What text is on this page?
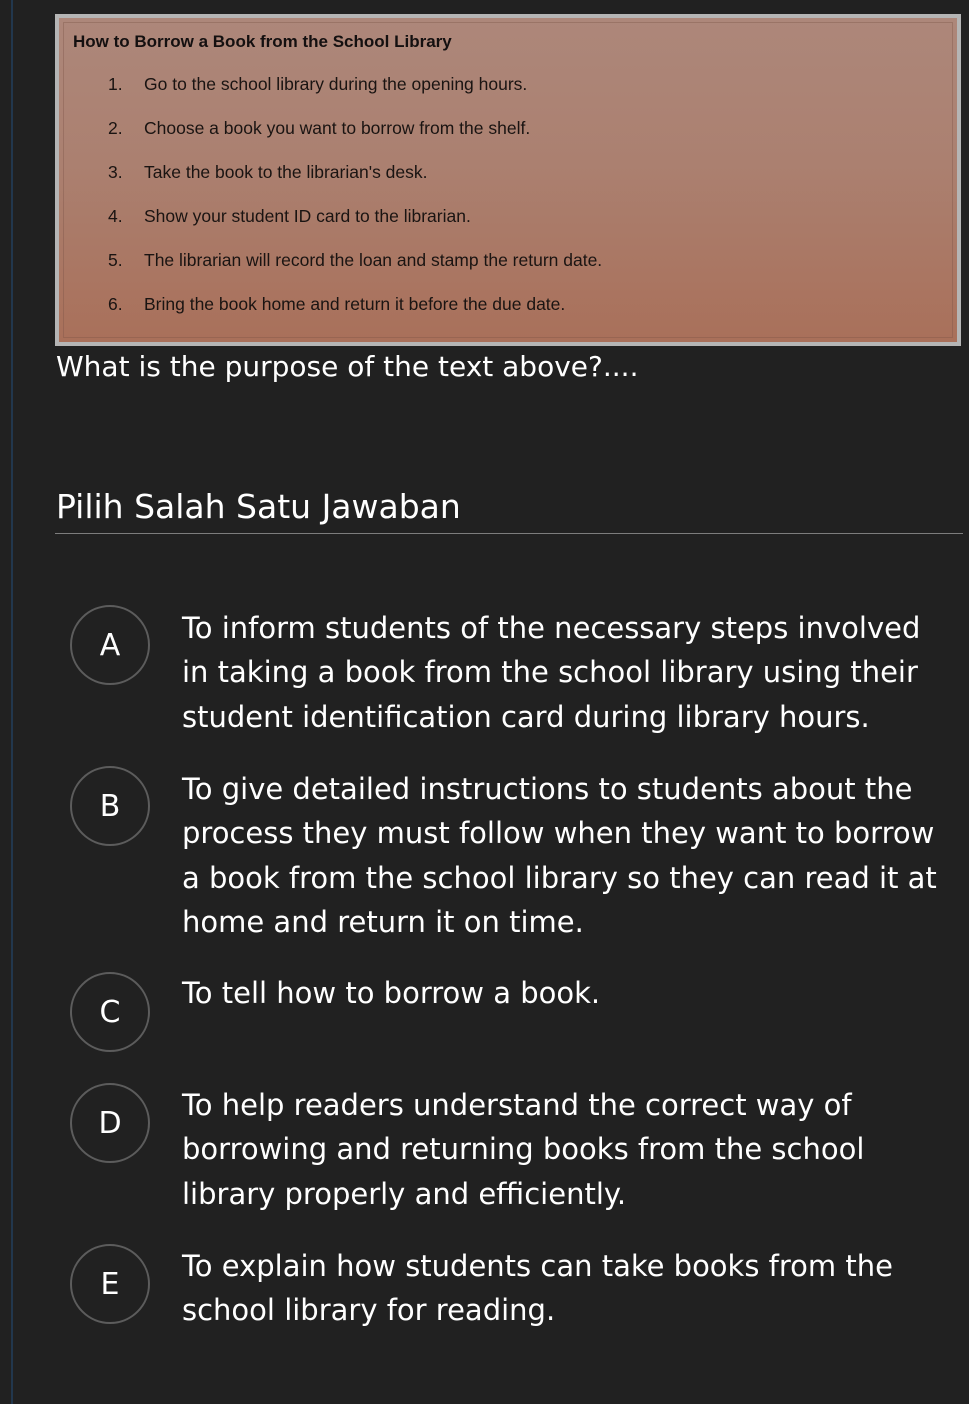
How to Borrow a Book from the School Library
1. Go to the school library during the opening hours.
2. Choose a book you want to borrow from the shelf.
3. Take the book to the librarian's desk.
4. Show your student ID card to the librarian.
5. The librarian will record the loan and stamp the return date.
6. Bring the book home and return it before the due date.
What is the purpose of the text above?....
Pilih Salah Satu Jawaban
A	To inform students of the necessary steps involved in taking a book from the school library using their student identification card during library hours.
B	To give detailed instructions to students about the process they must follow when they want to borrow a book from the school library so they can read it at home and return it on time.
C
To tell how to borrow a book.
D
To help readers understand the correct way of borrowing and returning books from the school library properly and efficiently.
E
To explain how students can take books from the school library for reading.
